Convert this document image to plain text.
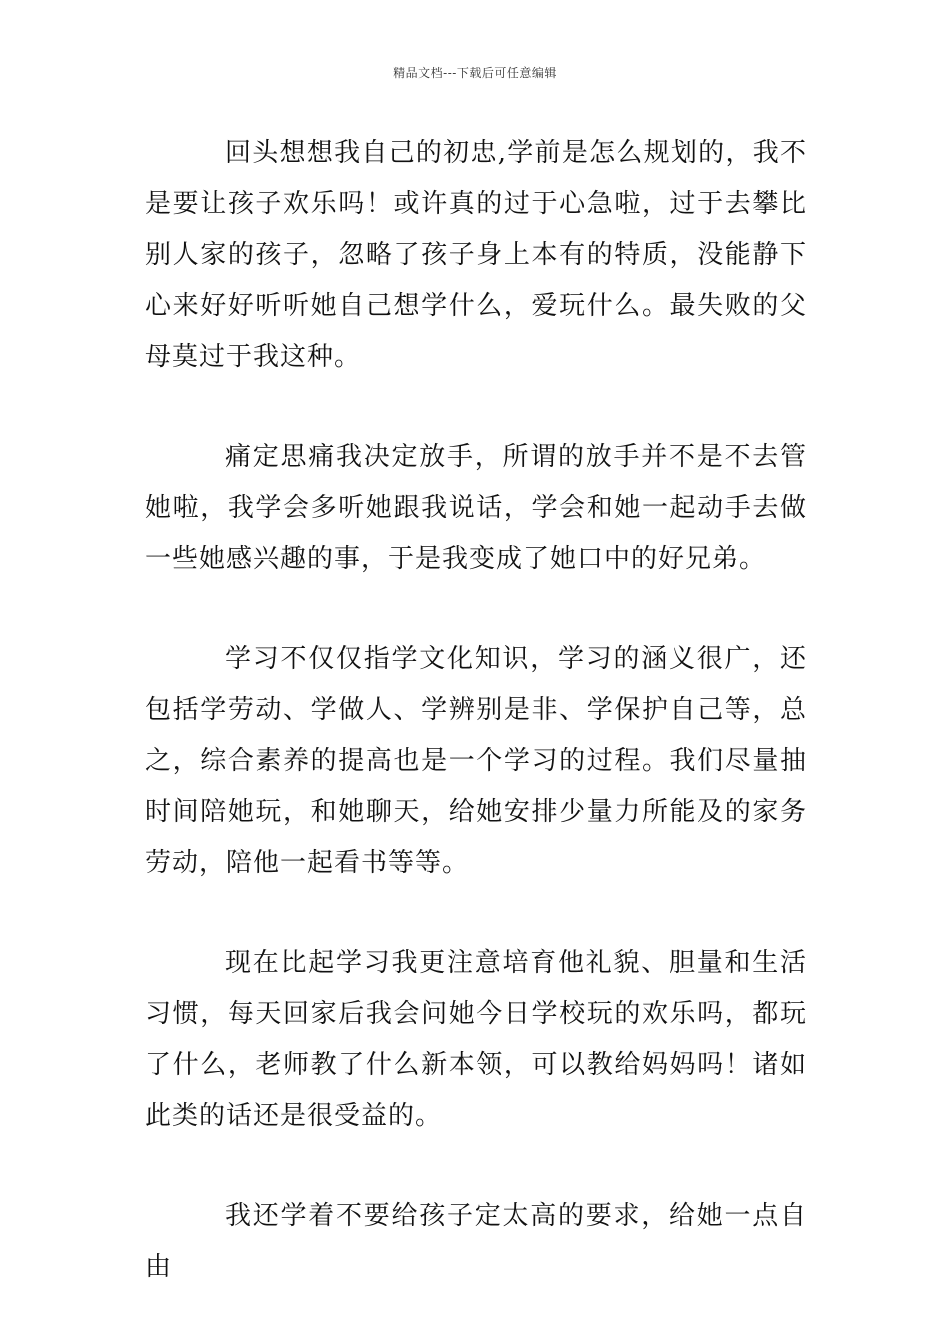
精品文档---下载后可任意编辑

回头想想我自己的初忠,学前是怎么规划的，我不是要让孩子欢乐吗！或许真的过于心急啦，过于去攀比别人家的孩子，忽略了孩子身上本有的特质，没能静下心来好好听听她自己想学什么，爱玩什么。最失败的父母莫过于我这种。

痛定思痛我决定放手，所谓的放手并不是不去管她啦，我学会多听她跟我说话，学会和她一起动手去做一些她感兴趣的事，于是我变成了她口中的好兄弟。

学习不仅仅指学文化知识，学习的涵义很广，还包括学劳动、学做人、学辨别是非、学保护自己等，总之，综合素养的提高也是一个学习的过程。我们尽量抽时间陪她玩，和她聊天，给她安排少量力所能及的家务劳动，陪他一起看书等等。

现在比起学习我更注意培育他礼貌、胆量和生活习惯，每天回家后我会问她今日学校玩的欢乐吗，都玩了什么，老师教了什么新本领，可以教给妈妈吗！诸如此类的话还是很受益的。

我还学着不要给孩子定太高的要求，给她一点自由
